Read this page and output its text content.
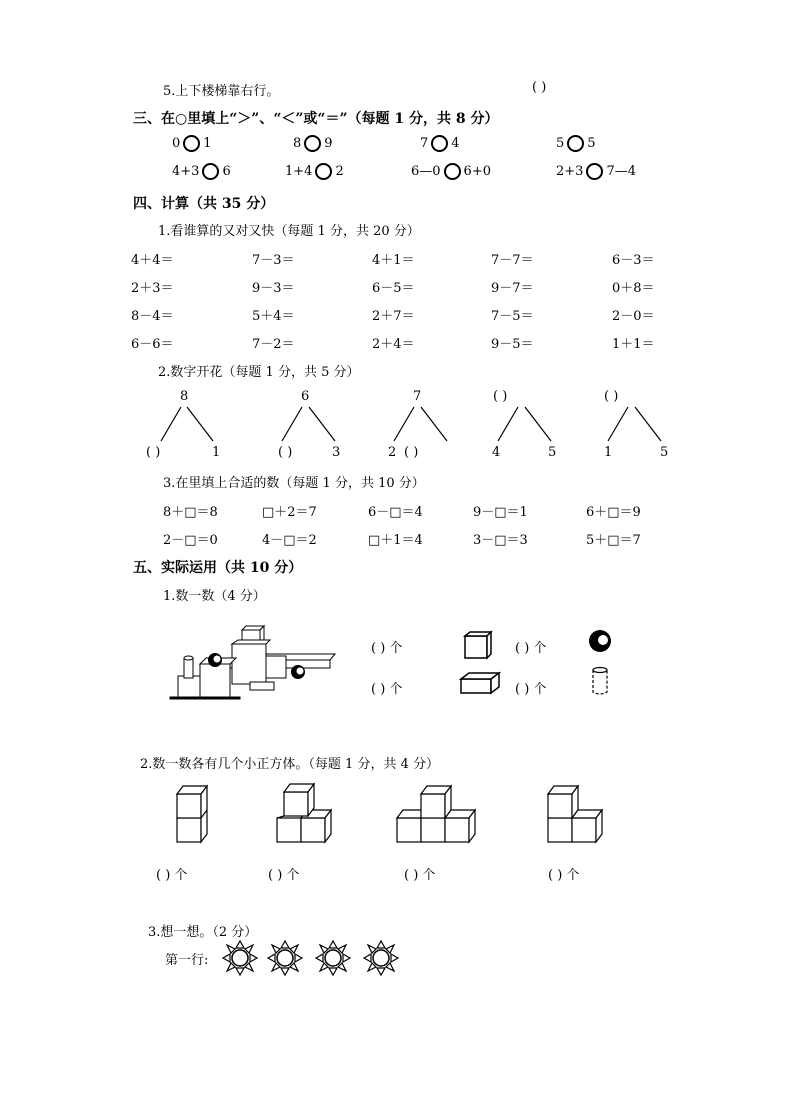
5.上下楼梯靠右行。	( )
三、在○里填上“＞”、“＜”或“＝”（每题 1 分，共 8 分）
0 1	8 9	7 4	5 5
4+3 6	1+4 2	6—0 6+0	2+3 7—4
四、计算（共 35 分）
1.看谁算的又对又快（每题 1 分，共 20 分）
4＋4＝	7－3＝	4＋1＝	7－7＝	6－3＝
2＋3＝	9－3＝	6－5＝	9－7＝	0＋8＝
8－4＝	5＋4＝	2＋7＝	7－5＝	2－0＝
6－6＝	7－2＝	2＋4＝	9－5＝	1＋1＝
2.数字开花（每题 1 分，共 5 分）
8
( )	1
6
( )	3
7
2 ( )
( )
4	5
( )
1	5
3.在里填上合适的数（每题 1 分，共 10 分）
8＋□＝8	□＋2＝7	6－□＝4	9－□＝1	6＋□＝9
2－□＝0	4－□＝2	□＋1＝4	3－□＝3	5＋□＝7
五、实际运用（共 10 分）
1.数一数（4 分）
( ) 个	( ) 个
( ) 个	( ) 个
2.数一数各有几个小正方体。（每题 1 分，共 4 分）
( ) 个	( ) 个	( ) 个	( ) 个
3.想一想。（2 分）
第一行:
